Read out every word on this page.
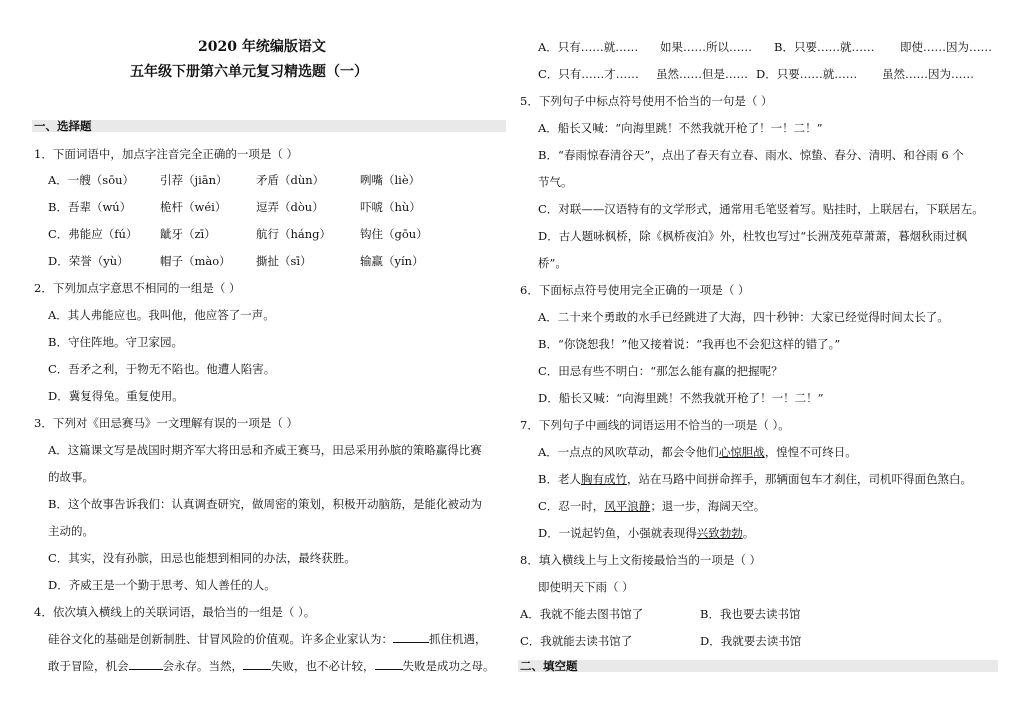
2020 年统编版语文
五年级下册第六单元复习精选题（一）
一、选择题
1．下面词语中，加点字注音完全正确的一项是（ ）
A．一艘（sōu） 引荐（jiān） 矛盾（dùn）	咧嘴（liè）
B．吾辈（wú）	桅杆（wéi）	逗弄（dòu）	吓唬（hù）
C．弗能应（fú） 龇牙（zī）	航行（háng）	钩住（gōu）
D．荣誉（yù）	帽子（mào） 撕扯（sī）	输赢（yín）
2．下列加点字意思不相同的一组是（ ）
A．其人弗能应也。我叫他，他应答了一声。
B．守住阵地。守卫家园。
C．吾矛之利，于物无不陷也。他遭人陷害。
D．冀复得兔。重复使用。
3．下列对《田忌赛马》一文理解有误的一项是（ ）
A．这篇课文写是战国时期齐军大将田忌和齐威王赛马，田忌采用孙膑的策略赢得比赛
的故事。
B．这个故事告诉我们：认真调查研究，做周密的策划，积极开动脑筋，是能化被动为
主动的。
C．其实，没有孙膑，田忌也能想到相同的办法，最终获胜。
D．齐威王是一个勤于思考、知人善任的人。
4．依次填入横线上的关联词语，最恰当的一组是（ ）。
硅谷文化的基础是创新制胜、甘冒风险的价值观。许多企业家认为：	抓住机遇，
敢于冒险，机会	会永存。当然， 失败，也不必计较， 失败是成功之母。
A．只有……就…… 如果……所以…… B．只要……就…… 即使……因为……
C．只有……才…… 虽然……但是…… D．只要……就…… 虽然……因为……
5．下列句子中标点符号使用不恰当的一句是（ ）
A．船长又喊：“向海里跳！不然我就开枪了！一！二！”
B．“春雨惊春清谷天”，点出了春天有立春、雨水、惊蛰、春分、清明、和谷雨 6 个
节气。
C．对联——汉语特有的文学形式，通常用毛笔竖着写。贴挂时，上联居右，下联居左。
D．古人题咏枫桥，除《枫桥夜泊》外，杜牧也写过“长洲茂苑草萧萧，暮烟秋雨过枫
桥”。
6．下面标点符号使用完全正确的一项是（ ）
A．二十来个勇敢的水手已经跳进了大海，四十秒钟：大家已经觉得时间太长了。
B．“你饶恕我！”他又接着说：“我再也不会犯这样的错了。”
C．田忌有些不明白：“那怎么能有赢的把握呢？
D．船长又喊：“向海里跳！不然我就开枪了！一！二！”
7．下列句子中画线的词语运用不恰当的一项是（ ）。
A．一点点的风吹草动，都会令他们心惊胆战，惶惶不可终日。
B．老人胸有成竹，站在马路中间拼命挥手，那辆面包车才刹住，司机吓得面色煞白。
C．忍一时，风平浪静；退一步，海阔天空。
D．一说起钓鱼，小强就表现得兴致勃勃。
8．填入横线上与上文衔接最恰当的一项是（ ）
即使明天下雨（ ）
A．我就不能去图书馆了	B．我也要去读书馆
C．我就能去读书馆了	D．我就要去读书馆
二、填空题
